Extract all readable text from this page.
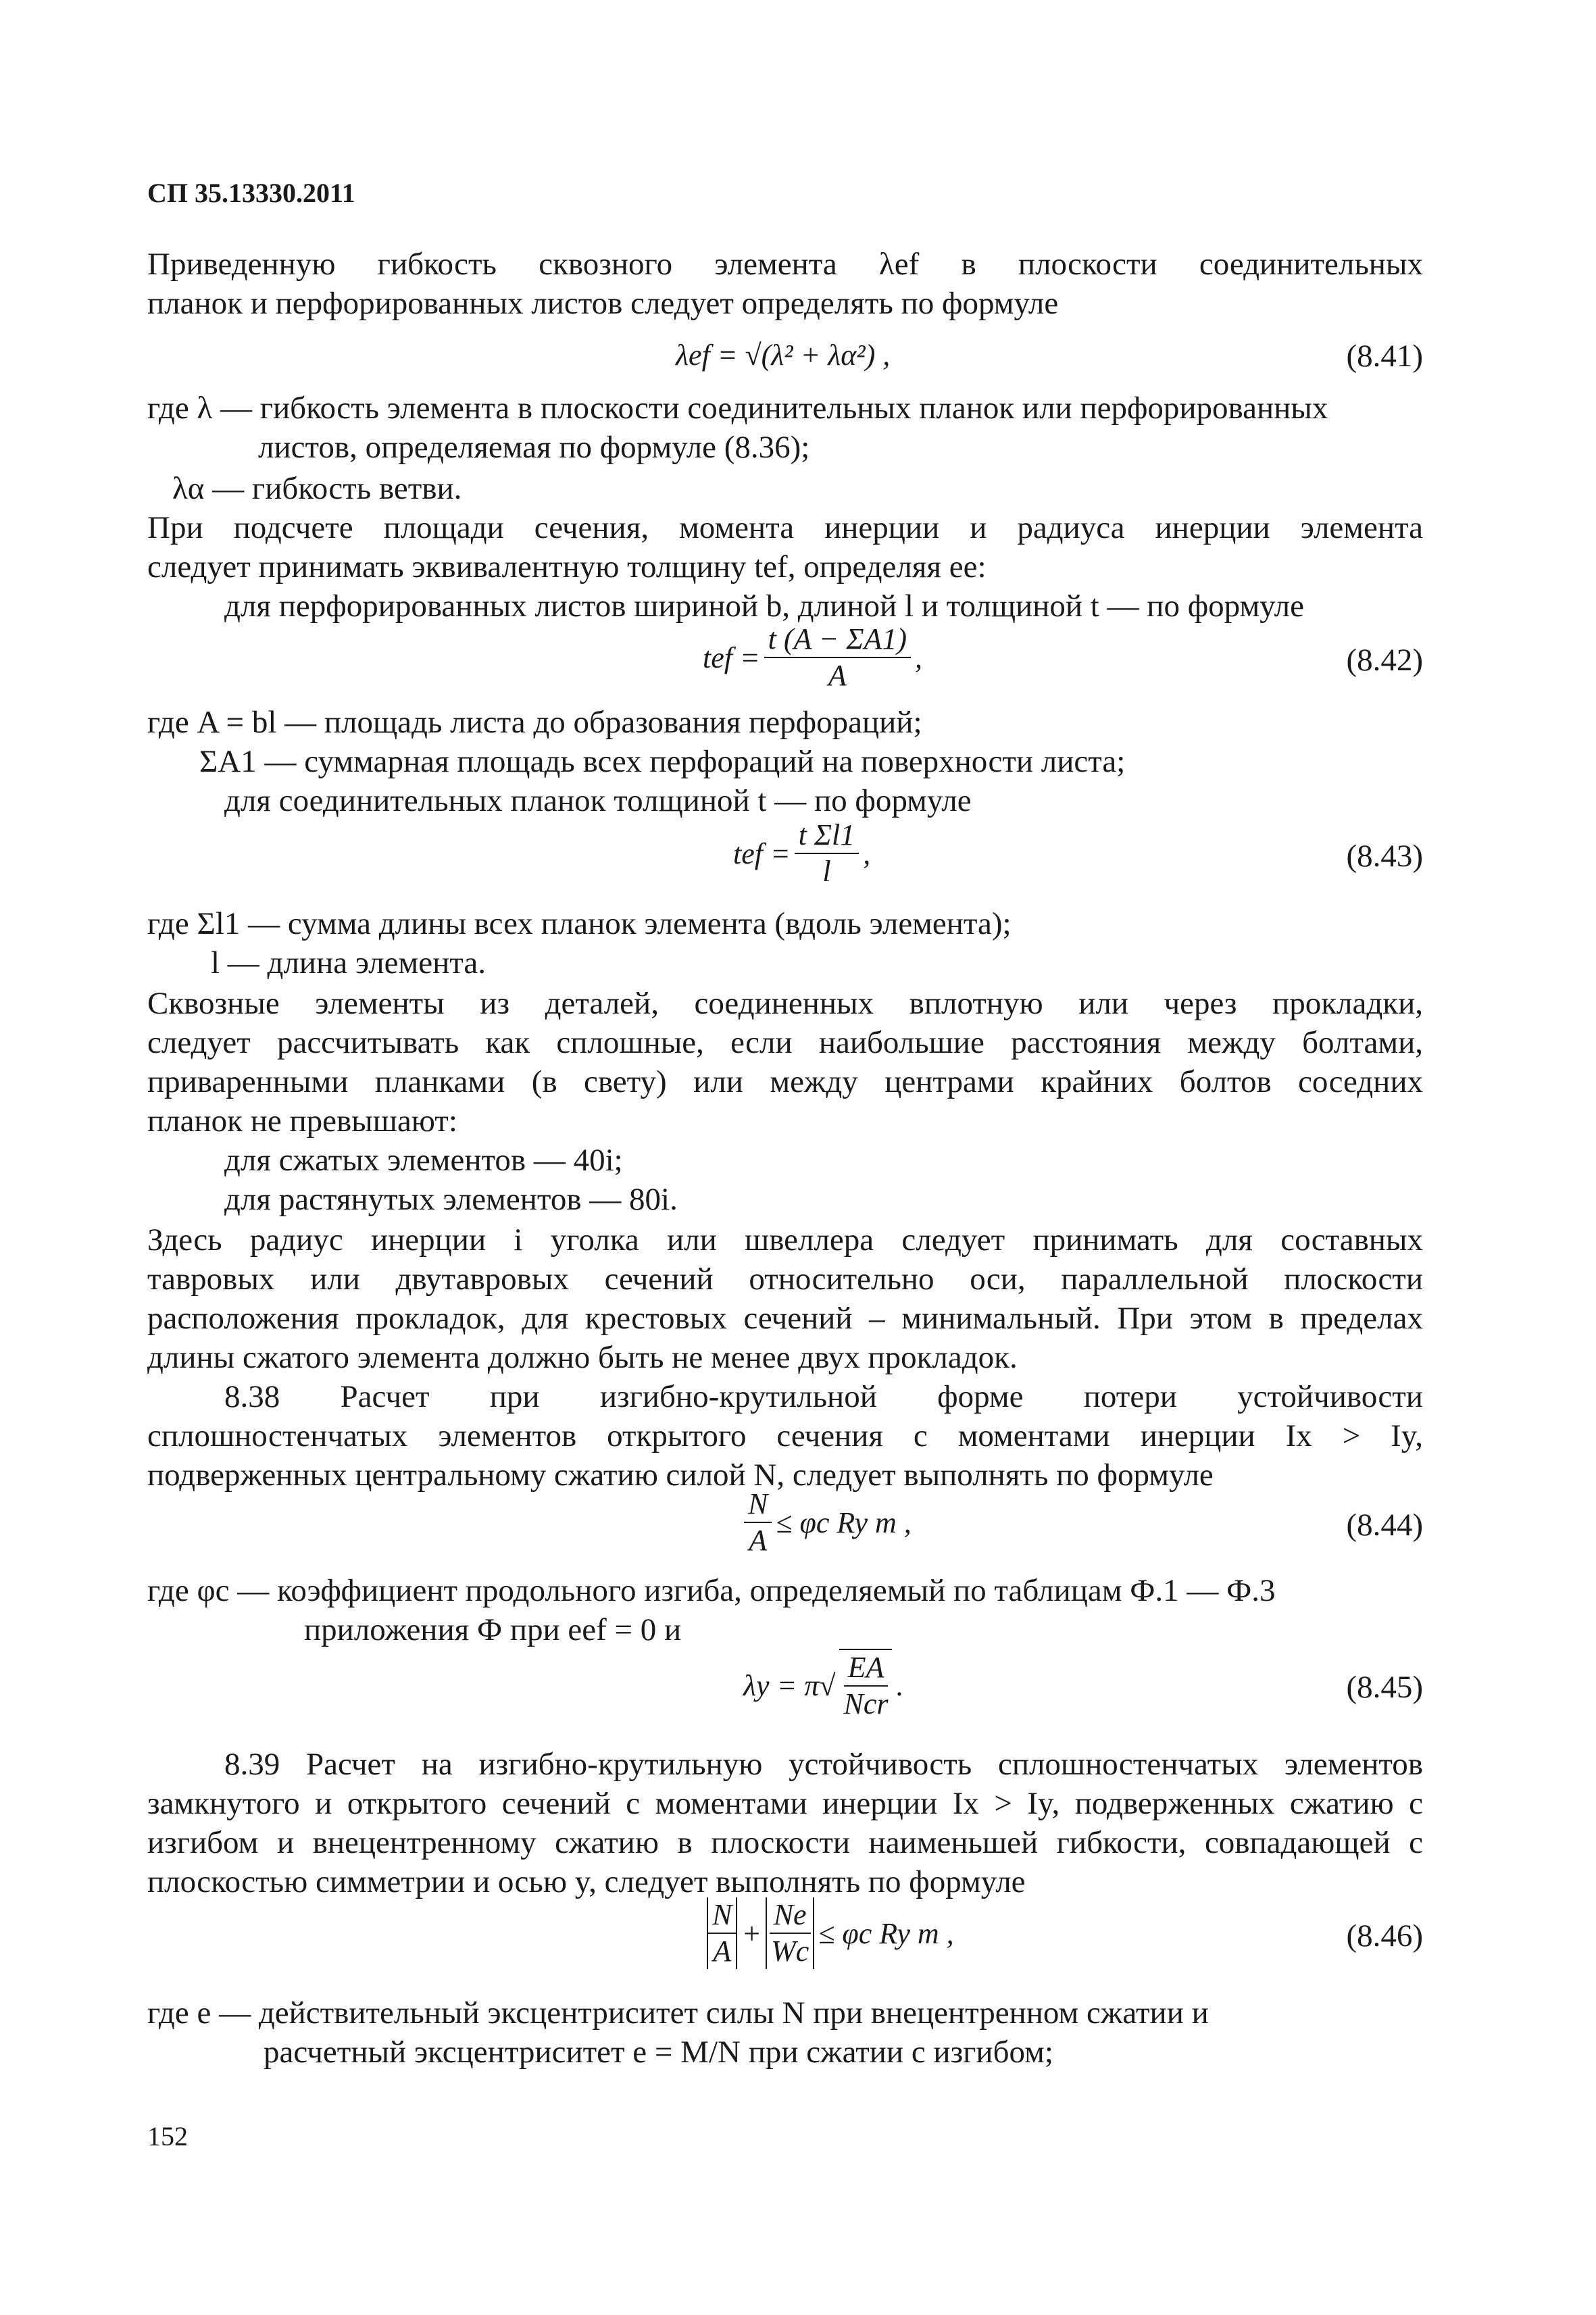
СП 35.13330.2011
Приведенную гибкость сквозного элемента λef в плоскости соединительных
планок и перфорированных листов следует определять по формуле
λef = √(λ² + λα²) ,	(8.41)
где λ — гибкость элемента в плоскости соединительных планок или перфорированных
листов, определяемая по формуле (8.36);
λα — гибкость ветви.
При подсчете площади сечения, момента инерции и радиуса инерции элемента
следует принимать эквивалентную толщину tef, определяя ее:
для перфорированных листов шириной b, длиной l и толщиной t — по формуле
tef = $\frac{t (A - \Sigma A1)}{A}$ ,	(8.42)
где A = bl — площадь листа до образования перфораций;
ΣA1 — суммарная площадь всех перфораций на поверхности листа;
для соединительных планок толщиной t — по формуле
tef = $\frac{\text{t Σl1}}{l}$ ,	(8.43)
где Σl1 — сумма длины всех планок элемента (вдоль элемента);
l — длина элемента.
Сквозные элементы из деталей, соединенных вплотную или через прокладки,
следует рассчитывать как сплошные, если наибольшие расстояния между болтами,
приваренными планками (в свету) или между центрами крайних болтов соседних
планок не превышают:
для сжатых элементов — 40i;
для растянутых элементов — 80i.
Здесь радиус инерции i уголка или швеллера следует принимать для составных
тавровых или двутавровых сечений относительно оси, параллельной плоскости
расположения прокладок, для крестовых сечений – минимальный. При этом в пределах
длины сжатого элемента должно быть не менее двух прокладок.
8.38 Расчет при изгибно-крутильной форме потери устойчивости
сплошностенчатых элементов открытого сечения с моментами инерции Ix > Iy,
подверженных центральному сжатию силой N, следует выполнять по формуле
$\frac{N}{A} \le \varphi c$ Ry m ,	(8.44)
где φc — коэффициент продольного изгиба, определяемый по таблицам Ф.1 — Ф.3
приложения Ф при eef = 0 и
$\lambda y = \pi√ \frac{EA}{\text{Ncr}}$ .	(8.45)
8.39 Расчет на изгибно-крутильную устойчивость сплошностенчатых элементов
замкнутого и открытого сечений с моментами инерции Ix > Iy, подверженных сжатию с
изгибом и внецентренному сжатию в плоскости наименьшей гибкости, совпадающей с
плоскостью симметрии и осью y, следует выполнять по формуле
$\frac{N}{A} + \frac{Ne}{Wc} \le \varphi c$ Ry m ,	(8.46)
где e — действительный эксцентриситет силы N при внецентренном сжатии и
расчетный эксцентриситет e = M/N при сжатии с изгибом;
152
